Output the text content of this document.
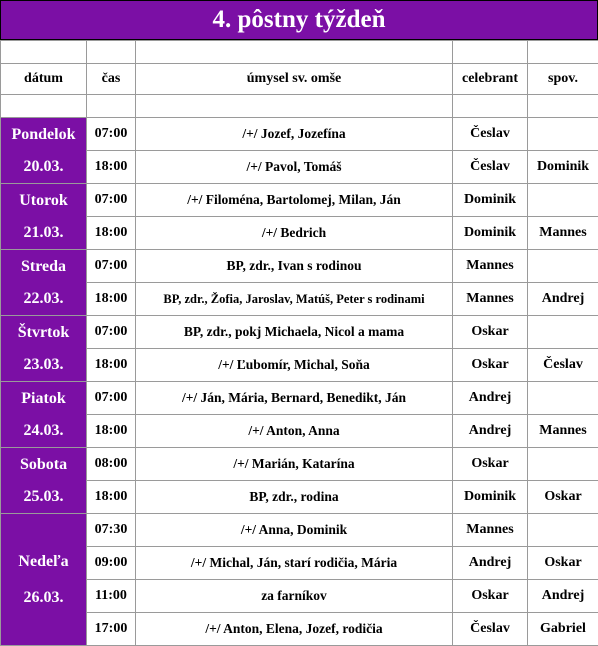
4. pôstny týždeň

dátum	čas	úmysel sv. omše	celebrant	spov.

Pondelok
20.03.	07:00	/+/ Jozef, Jozefína	Česlav	
	18:00	/+/ Pavol, Tomáš	Česlav	Dominik

Utorok
21.03.	07:00	/+/ Filoména, Bartolomej, Milan, Ján	Dominik	
	18:00	/+/ Bedrich	Dominik	Mannes

Streda
22.03.	07:00	BP, zdr., Ivan s rodinou	Mannes	
	18:00	BP, zdr., Žofia, Jaroslav, Matúš, Peter s rodinami	Mannes	Andrej

Štvrtok
23.03.	07:00	BP, zdr., pokj Michaela, Nicol a mama	Oskar	
	18:00	/+/ Ľubomír, Michal, Soňa	Oskar	Česlav

Piatok
24.03.	07:00	/+/ Ján, Mária, Bernard, Benedikt, Ján	Andrej	
	18:00	/+/ Anton, Anna	Andrej	Mannes

Sobota
25.03.	08:00	/+/ Marián, Katarína	Oskar	
	18:00	BP, zdr., rodina	Dominik	Oskar

Nedeľa
26.03.	07:30	/+/ Anna, Dominik	Mannes	
	09:00	/+/ Michal, Ján, starí rodičia, Mária	Andrej	Oskar
	11:00	za farníkov	Oskar	Andrej
	17:00	/+/ Anton, Elena, Jozef, rodičia	Česlav	Gabriel
